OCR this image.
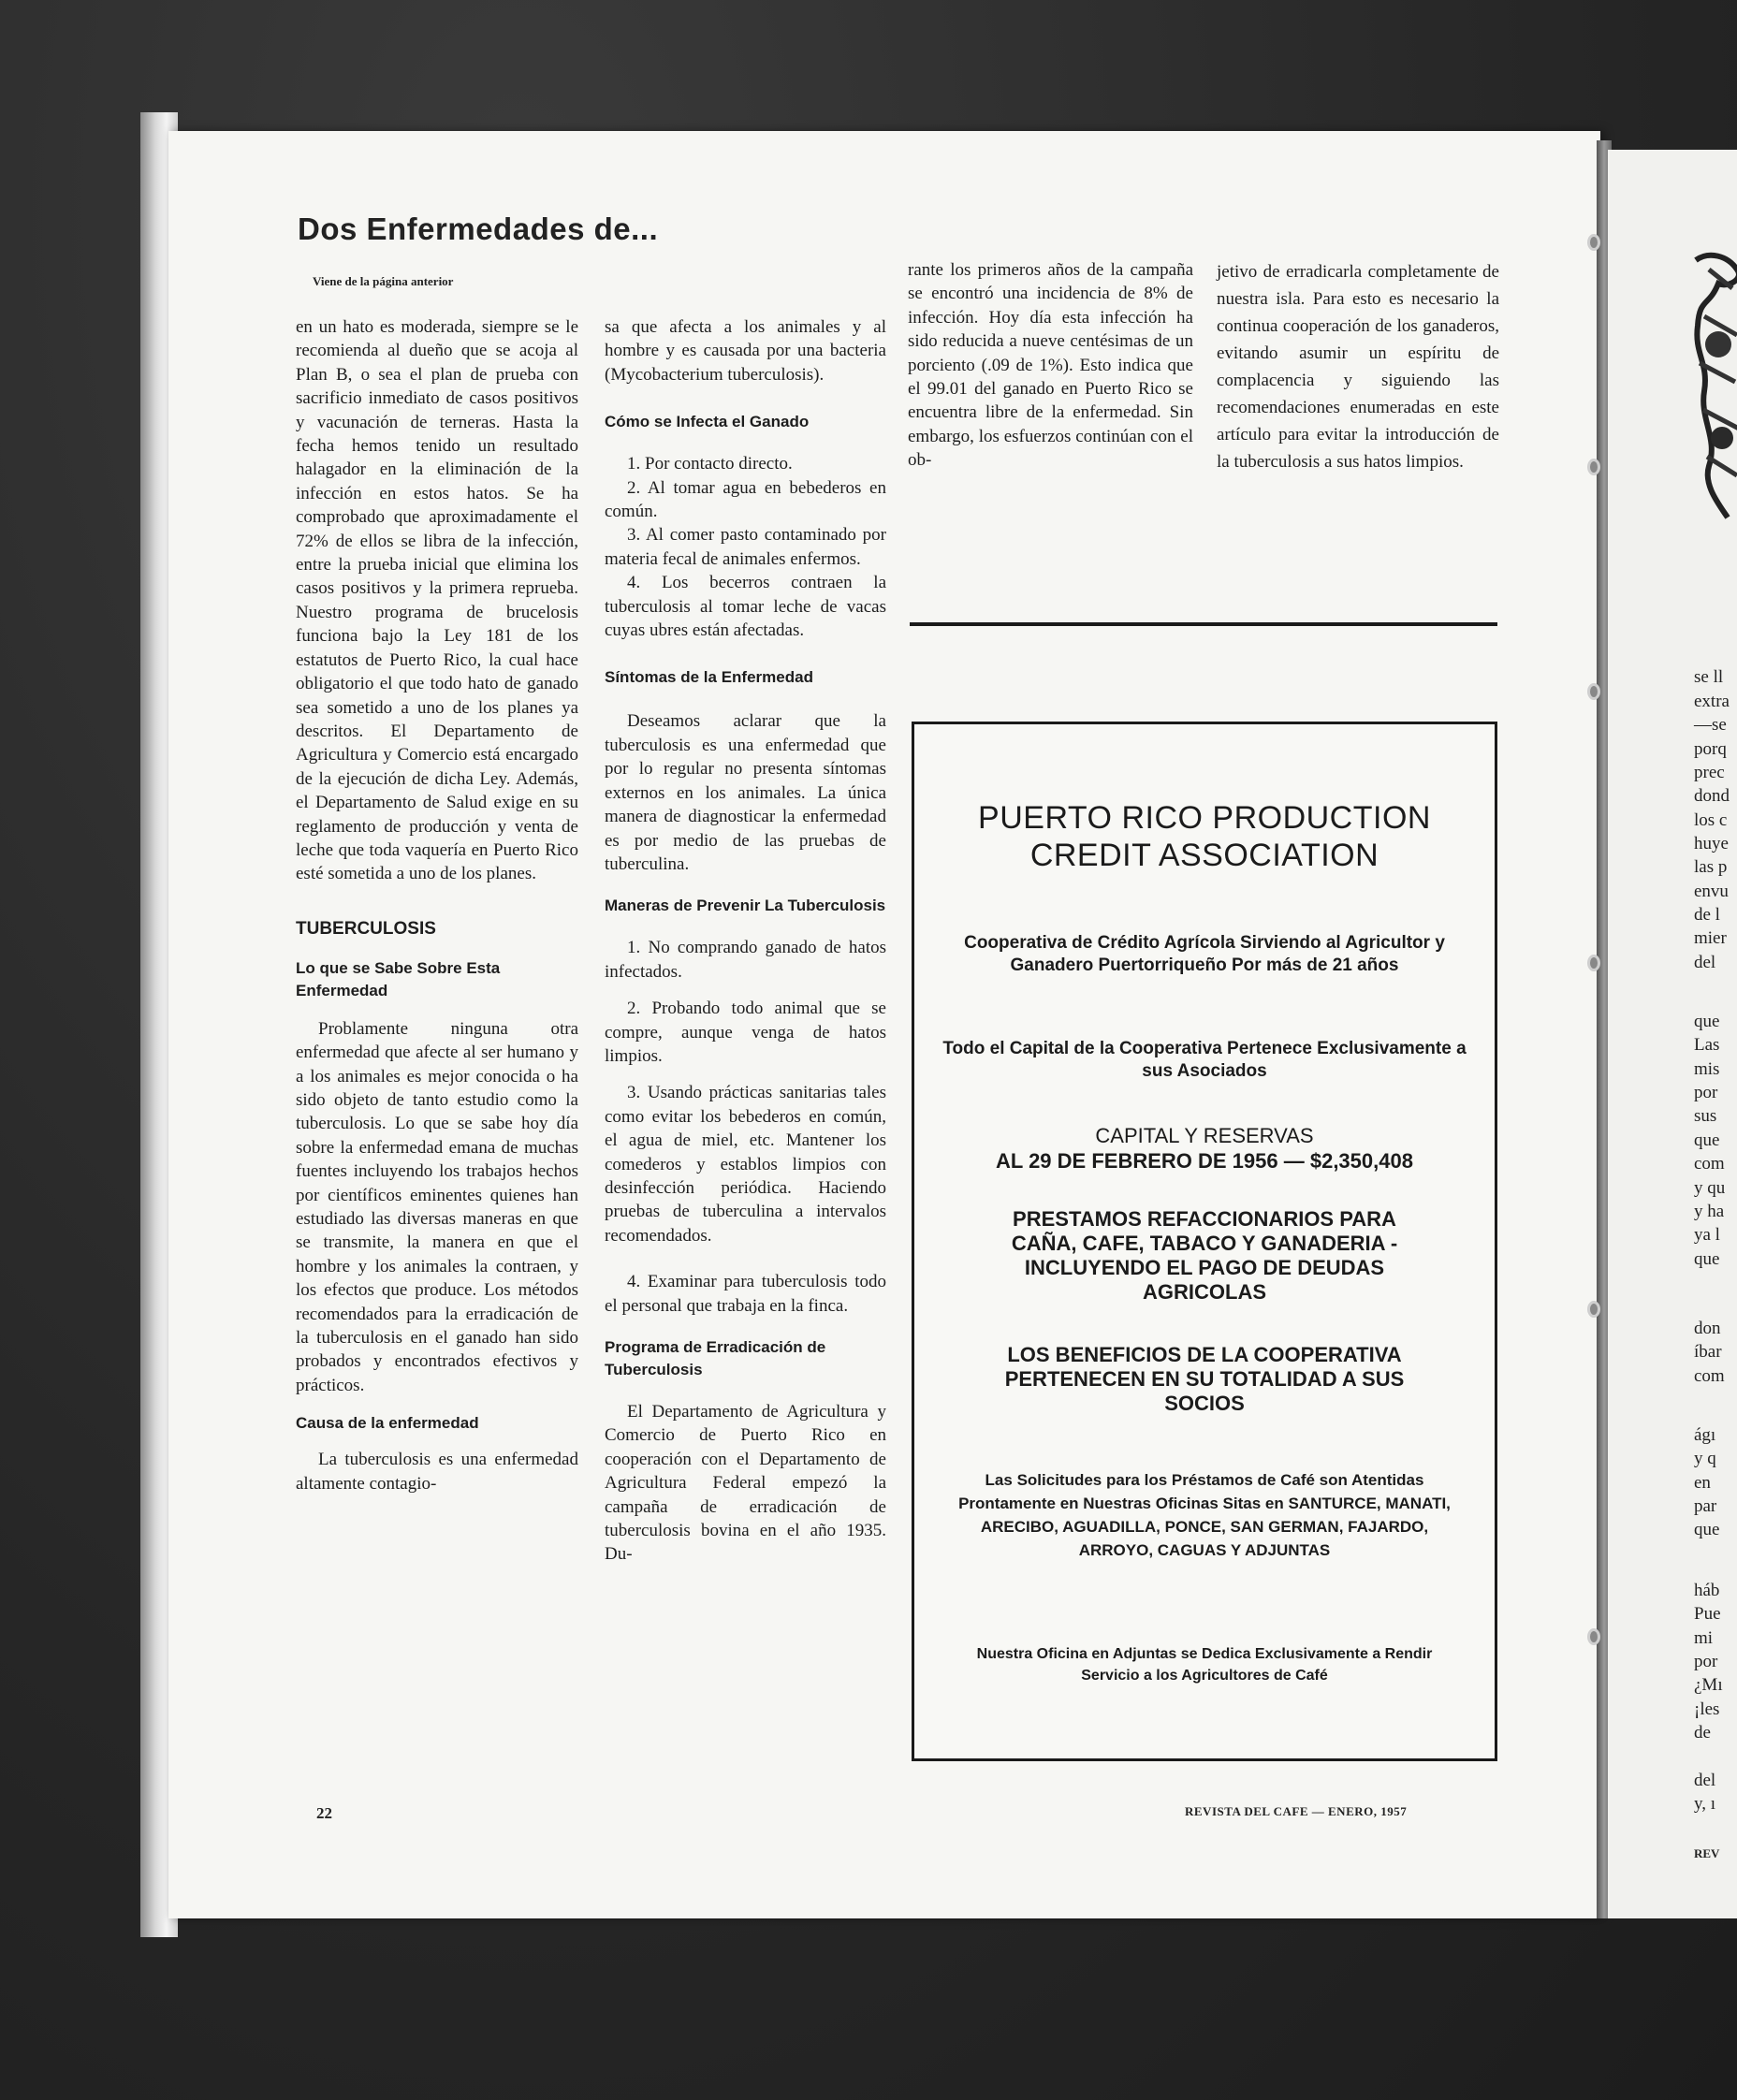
Dos Enfermedades de...
Viene de la página anterior

en un hato es moderada, siempre se le recomienda al dueño que se acoja al Plan B, o sea el plan de prueba con sacrificio inmediato de casos positivos y vacunación de terneras. Hasta la fecha hemos tenido un resultado halagador en la eliminación de la infección en estos hatos. Se ha comprobado que aproximadamente el 72% de ellos se libra de la infección, entre la prueba inicial que elimina los casos positivos y la primera reprueba. Nuestro programa de brucelosis funciona bajo la Ley 181 de los estatutos de Puerto Rico, la cual hace obligatorio el que todo hato de ganado sea sometido a uno de los planes ya descritos. El Departamento de Agricultura y Comercio está encargado de la ejecución de dicha Ley. Además, el Departamento de Salud exige en su reglamento de producción y venta de leche que toda vaquería en Puerto Rico esté sometida a uno de los planes.

TUBERCULOSIS
Lo que se Sabe Sobre Esta Enfermedad

Problamente ninguna otra enfermedad que afecte al ser humano y a los animales es mejor conocida o ha sido objeto de tanto estudio como la tuberculosis. Lo que se sabe hoy día sobre la enfermedad emana de muchas fuentes incluyendo los trabajos hechos por científicos eminentes quienes han estudiado las diversas maneras en que se transmite, la manera en que el hombre y los animales la contraen, y los efectos que produce. Los métodos recomendados para la erradicación de la tuberculosis en el ganado han sido probados y encontrados efectivos y prácticos.

Causa de la enfermedad

La tuberculosis es una enfermedad altamente contagio-

sa que afecta a los animales y al hombre y es causada por una bacteria (Mycobacterium tuberculosis).

Cómo se Infecta el Ganado

1. Por contacto directo.

2. Al tomar agua en bebederos en común.

3. Al comer pasto contaminado por materia fecal de animales enfermos.

4. Los becerros contraen la tuberculosis al tomar leche de vacas cuyas ubres están afectadas.

Síntomas de la Enfermedad

Deseamos aclarar que la tuberculosis es una enfermedad que por lo regular no presenta síntomas externos en los animales. La única manera de diagnosticar la enfermedad es por medio de las pruebas de tuberculina.

Maneras de Prevenir La Tuberculosis

1. No comprando ganado de hatos infectados.

2. Probando todo animal que se compre, aunque venga de hatos limpios.

3. Usando prácticas sanitarias tales como evitar los bebederos en común, el agua de miel, etc. Mantener los comederos y establos limpios con desinfección periódica. Haciendo pruebas de tuberculina a intervalos recomendados.

4. Examinar para tuberculosis todo el personal que trabaja en la finca.

Programa de Erradicación de Tuberculosis

El Departamento de Agricultura y Comercio de Puerto Rico en cooperación con el Departamento de Agricultura Federal empezó la campaña de erradicación de tuberculosis bovina en el año 1935. Du-

rante los primeros años de la campaña se encontró una incidencia de 8% de infección. Hoy día esta infección ha sido reducida a nueve centésimas de un porciento (.09 de 1%). Esto indica que el 99.01 del ganado en Puerto Rico se encuentra libre de la enfermedad. Sin embargo, los esfuerzos continúan con el ob-

jetivo de erradicarla completamente de nuestra isla. Para esto es necesario la continua cooperación de los ganaderos, evitando asumir un espíritu de complacencia y siguiendo las recomendaciones enumeradas en este artículo para evitar la introducción de la tuberculosis a sus hatos limpios.

PUERTO RICO PRODUCTION
CREDIT ASSOCIATION
Cooperativa de Crédito Agrícola Sirviendo al Agricultor y Ganadero Puertorriqueño Por más de 21 años
Todo el Capital de la Cooperativa Pertenece Exclusivamente a sus Asociados
CAPITAL Y RESERVAS
AL 29 DE FEBRERO DE 1956 — $2,350,408
PRESTAMOS REFACCIONARIOS PARA CAÑA, CAFE, TABACO Y GANADERIA - INCLUYENDO EL PAGO DE DEUDAS AGRICOLAS
LOS BENEFICIOS DE LA COOPERATIVA PERTENECEN EN SU TOTALIDAD A SUS SOCIOS
Las Solicitudes para los Préstamos de Café son Atentidas Prontamente en Nuestras Oficinas Sitas en SANTURCE, MANATI, ARECIBO, AGUADILLA, PONCE, SAN GERMAN, FAJARDO, ARROYO, CAGUAS Y ADJUNTAS
Nuestra Oficina en Adjuntas se Dedica Exclusivamente a Rendir Servicio a los Agricultores de Café
22	REVISTA DEL CAFE — ENERO, 1957
se ll
extra
—se
porq
prec
dond
los c
huye
las p
envu
de l
mier
del
que
Las
mis
por
sus
que
com
y qu
y ha
ya l
que
don
íbar
com
ágı
y q
en
par
que
háb
Pue
mi
por
¿Mı
¡les
de
del
y, ı
REV
